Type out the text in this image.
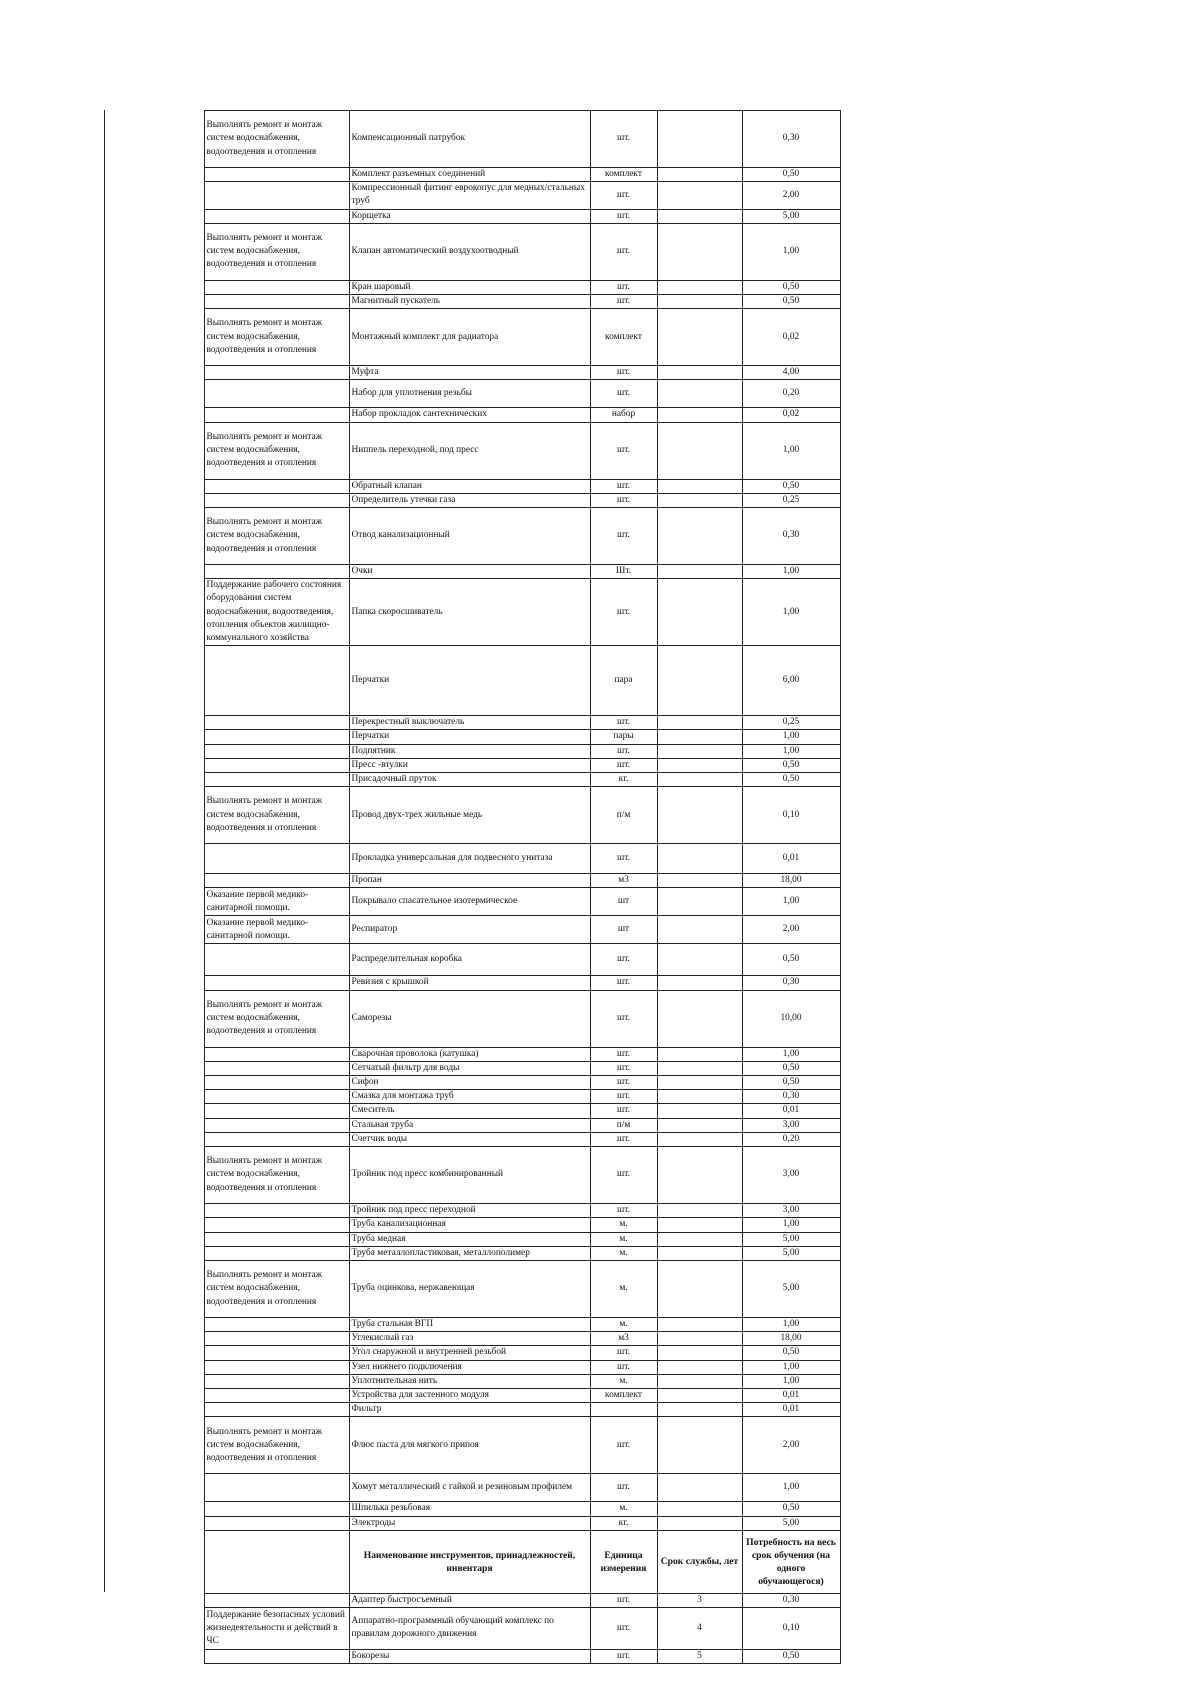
	Выполнять ремонт и монтаж систем водоснабжения, водоотведения и отопления	Компенсационный патрубок	шт.		0,30
		Комплект разъемных соединений	комплект		0,50
		Компрессионный фитинг еврокопус для медных/стальных труб	шт.		2,00
		Корщетка	шт.		5,00
	Выполнять ремонт и монтаж систем водоснабжения, водоотведения и отопления	Клапан автоматический воздухоотводный	шт.		1,00
		Кран шаровый	шт.		0,50
		Магнитный пускатель	шт.		0,50
	Выполнять ремонт и монтаж систем водоснабжения, водоотведения и отопления	Монтажный комплект для радиатора	комплект		0,02
		Муфта	шт.		4,00
		Набор для уплотнения резьбы	шт.		0,20
		Набор прокладок сантехнических	набор		0,02
	Выполнять ремонт и монтаж систем водоснабжения, водоотведения и отопления	Ниппель переходной, под пресс	шт.		1,00
		Обратный клапан	шт.		0,50
		Определитель утечки газа	шт.		0,25
	Выполнять ремонт и монтаж систем водоснабжения, водоотведения и отопления	Отвод канализационный	шт.		0,30
		Очки	Шт.		1,00
	Поддержание рабочего состояния оборудования систем водоснабжения, водоотведения, отопления объектов жилищно-коммунального хозяйства	Папка скоросшиватель	шт.		1,00
		Перчатки	пара		6,00
		Перекрестный выключатель	шт.		0,25
		Перчатки	пары		1,00
		Подпятник	шт.		1,00
		Пресс -втулки	шт.		0,50
		Присадочный пруток	кг.		0,50
	Выполнять ремонт и монтаж систем водоснабжения, водоотведения и отопления	Провод двух-трех жильные медь	п/м		0,10
		Прокладка универсальная для подвесного унитаза	шт.		0,01
		Пропан	м3		18,00
	Оказание первой медико-санитарной помощи.	Покрывало спасательное изотермическое	шт		1,00
	Оказание первой медико-санитарной помощи.	Респиратор	шт		2,00
		Распределительная коробка	шт.		0,50
		Ревизия с крышкой	шт.		0,30
	Выполнять ремонт и монтаж систем водоснабжения, водоотведения и отопления	Саморезы	шт.		10,00
		Сварочная проволока (катушка)	шт.		1,00
		Сетчатый фильтр для воды	шт.		0,50
		Сифон	шт.		0,50
		Смазка для монтажа труб	шт.		0,30
		Смеситель	шт.		0,01
		Стальная труба	п/м		3,00
		Счетчик воды	шт.		0,20
	Выполнять ремонт и монтаж систем водоснабжения, водоотведения и отопления	Тройник под пресс комбинированный	шт.		3,00
		Тройник под пресс переходной	шт.		3,00
		Труба канализационная	м.		1,00
		Труба медная	м.		5,00
		Труба металлопластиковая, металлополимер	м.		5,00
	Выполнять ремонт и монтаж систем водоснабжения, водоотведения и отопления	Труба оцинкова, нержавеющая	м.		5,00
		Труба стальная ВГП	м.		1,00
		Углекислый газ	м3		18,00
		Угол снаружной и внутренней резьбой	шт.		0,50
		Узел нижнего подключения	шт.		1,00
		Уплотнительная нить	м.		1,00
		Устройства для застенного модуля	комплект		0,01
		Фильтр			0,01
	Выполнять ремонт и монтаж систем водоснабжения, водоотведения и отопления	Флюс паста для мягкого припоя	шт.		2,00
		Хомут металлический с гайкой и резиновым профилем	шт.		1,00
		Шпилька резьбовая	м.		0,50
		Электроды	кг.		5,00
		Наименование инструментов, принадлежностей, инвентаря	Единица измерения	Срок службы, лет	Потребность на весь срок обучения (на одного обучающегося)
		Адаптер быстросъемный	шт.	3	0,30
	Поддержание безопасных условий жизнедеятельности и действий в ЧС	Аппаратно-программный обучающий комплекс по правилам дорожного движения	шт.	4	0,10
		Бокорезы	шт.	5	0,50
